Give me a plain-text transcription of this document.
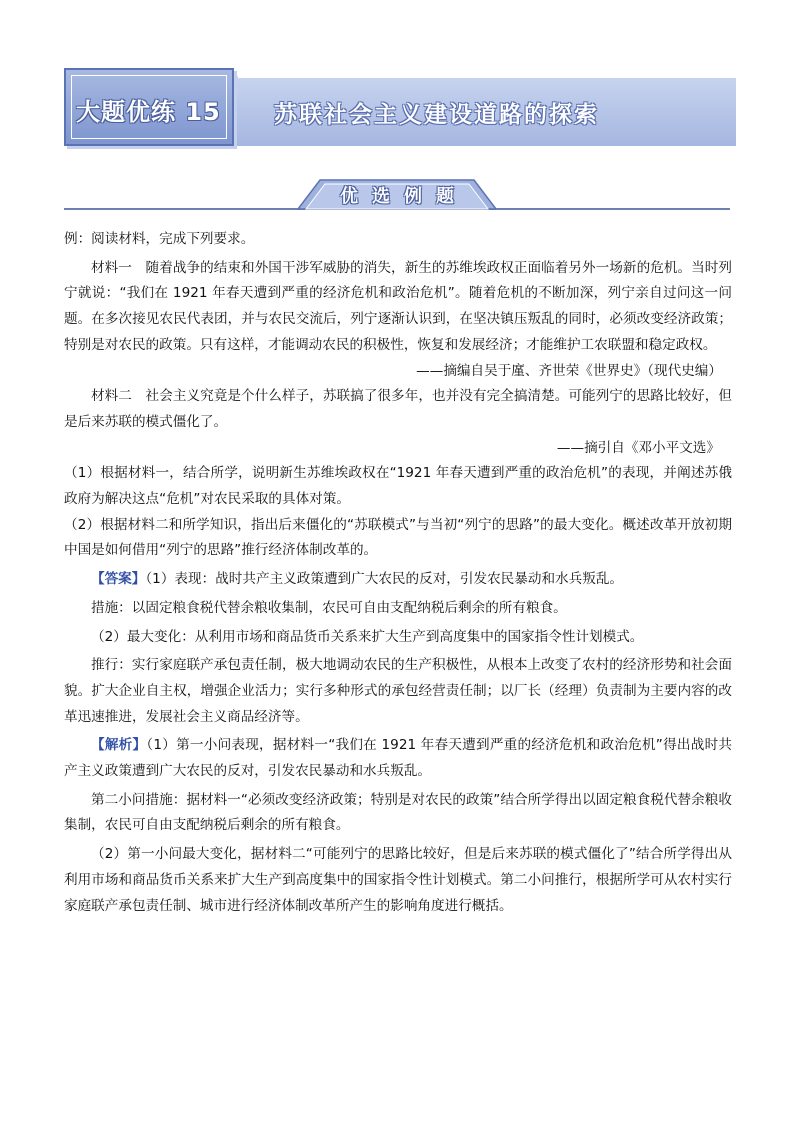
大题优练 15 苏联社会主义建设道路的探索
优选例题

例：阅读材料，完成下列要求。

材料一　随着战争的结束和外国干涉军威胁的消失，新生的苏维埃政权正面临着另外一场新的危机。当时列宁就说：“我们在 1921 年春天遭到严重的经济危机和政治危机”。随着危机的不断加深，列宁亲自过问这一问题。在多次接见农民代表团，并与农民交流后，列宁逐渐认识到，在坚决镇压叛乱的同时，必须改变经济政策；特别是对农民的政策。只有这样，才能调动农民的积极性，恢复和发展经济；才能维护工农联盟和稳定政权。

——摘编自吴于廑、齐世荣《世界史》（现代史编）

材料二　社会主义究竟是个什么样子，苏联搞了很多年，也并没有完全搞清楚。可能列宁的思路比较好，但是后来苏联的模式僵化了。

——摘引自《邓小平文选》

（1）根据材料一，结合所学，说明新生苏维埃政权在“1921 年春天遭到严重的政治危机”的表现，并阐述苏俄政府为解决这点“危机”对农民采取的具体对策。

（2）根据材料二和所学知识，指出后来僵化的“苏联模式”与当初“列宁的思路”的最大变化。概述改革开放初期中国是如何借用“列宁的思路”推行经济体制改革的。

【答案】（1）表现：战时共产主义政策遭到广大农民的反对，引发农民暴动和水兵叛乱。

措施：以固定粮食税代替余粮收集制，农民可自由支配纳税后剩余的所有粮食。

（2）最大变化：从利用市场和商品货币关系来扩大生产到高度集中的国家指令性计划模式。

推行：实行家庭联产承包责任制，极大地调动农民的生产积极性，从根本上改变了农村的经济形势和社会面貌。扩大企业自主权，增强企业活力；实行多种形式的承包经营责任制；以厂长（经理）负责制为主要内容的改革迅速推进，发展社会主义商品经济等。

【解析】（1）第一小问表现，据材料一“我们在 1921 年春天遭到严重的经济危机和政治危机”得出战时共产主义政策遭到广大农民的反对，引发农民暴动和水兵叛乱。

第二小问措施：据材料一“必须改变经济政策；特别是对农民的政策”结合所学得出以固定粮食税代替余粮收集制，农民可自由支配纳税后剩余的所有粮食。

（2）第一小问最大变化，据材料二“可能列宁的思路比较好，但是后来苏联的模式僵化了”结合所学得出从利用市场和商品货币关系来扩大生产到高度集中的国家指令性计划模式。第二小问推行，根据所学可从农村实行家庭联产承包责任制、城市进行经济体制改革所产生的影响角度进行概括。
